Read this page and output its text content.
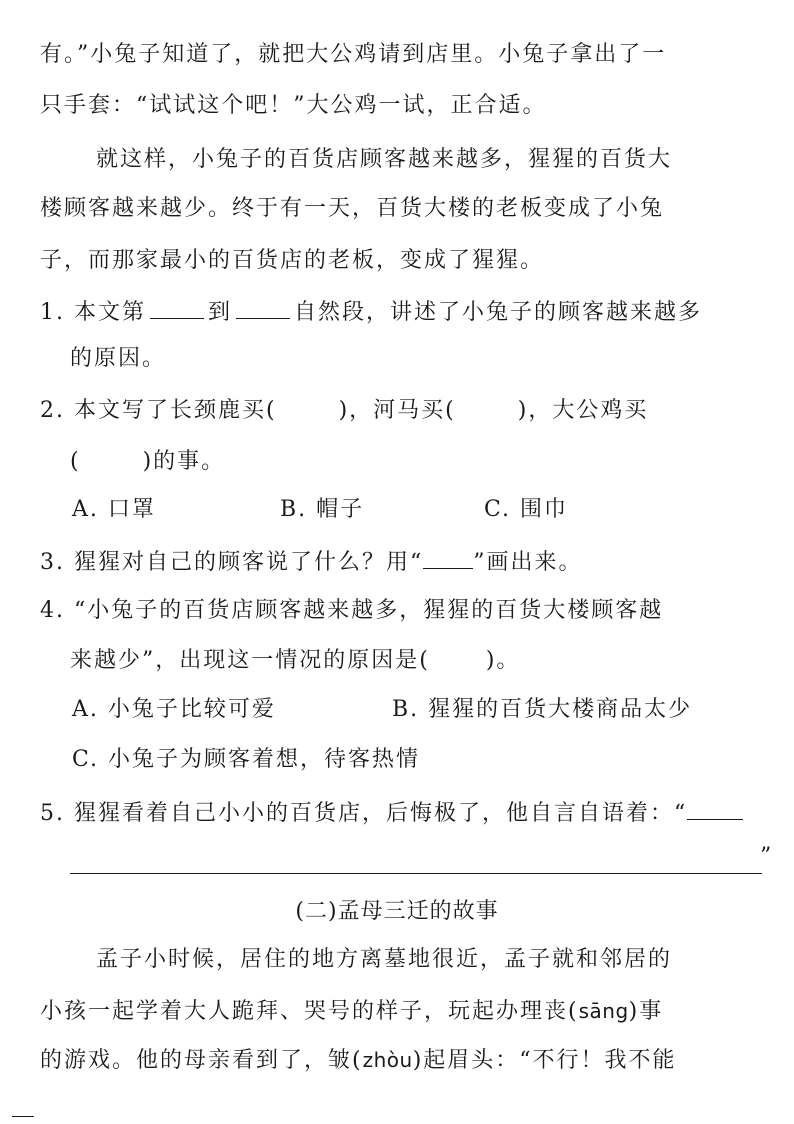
有。”小兔子知道了，就把大公鸡请到店里。小兔子拿出了一
只手套：“试试这个吧！”大公鸡一试，正合适。
就这样，小兔子的百货店顾客越来越多，猩猩的百货大
楼顾客越来越少。终于有一天，百货大楼的老板变成了小兔
子，而那家最小的百货店的老板，变成了猩猩。
1. 本文第	到	自然段，讲述了小兔子的顾客越来越多
的原因。
2. 本文写了长颈鹿买(	)，河马买(	)，大公鸡买
(	)的事。
A. 口罩	B. 帽子	C. 围巾
3. 猩猩对自己的顾客说了什么？用“ ”画出来。
4. “小兔子的百货店顾客越来越多，猩猩的百货大楼顾客越
来越少”，出现这一情况的原因是(	)。
A. 小兔子比较可爱	B. 猩猩的百货大楼商品太少
C. 小兔子为顾客着想，待客热情
5. 猩猩看着自己小小的百货店，后悔极了，他自言自语着：“
”
(二)孟母三迁的故事
孟子小时候，居住的地方离墓地很近，孟子就和邻居的
小孩一起学着大人跪拜、哭号的样子，玩起办理丧(sāng)事
的游戏。他的母亲看到了，皱(zhòu)起眉头：“不行！我不能
